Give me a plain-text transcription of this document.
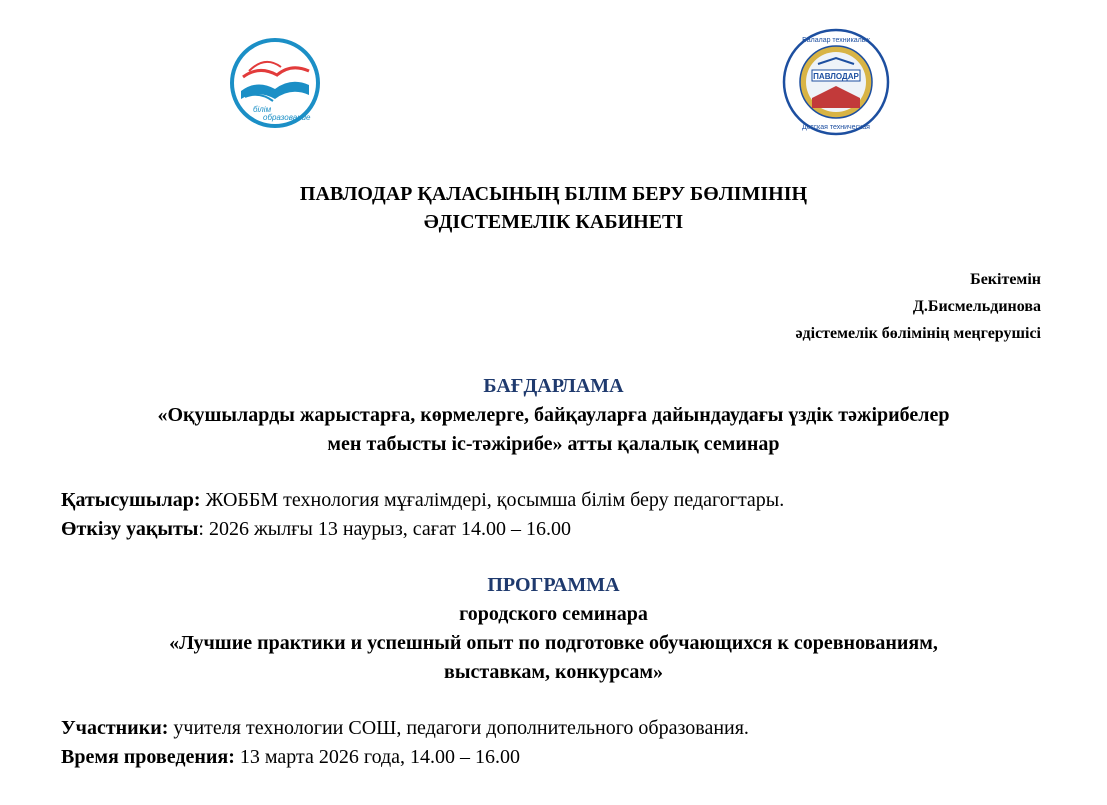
білім
образование
ПАВЛОДАР
Балалар техникалық
Детская техническая
ПАВЛОДАР ҚАЛАСЫНЫҢ БІЛІМ БЕРУ БӨЛІМІНІҢ
ӘДІСТЕМЕЛІК КАБИНЕТІ
Бекітемін
Д.Бисмельдинова
әдістемелік бөлімінің меңгерушісі
БАҒДАРЛАМА
«Оқушыларды жарыстарға, көрмелерге, байқауларға дайындаудағы үздік тәжірибелер
мен табысты іс-тәжірибе» атты қалалық семинар
Қатысушылар: ЖОББМ технология мұғалімдері, қосымша білім беру педагогтары.
Өткізу уақыты: 2026 жылғы 13 наурыз, сағат 14.00 – 16.00
ПРОГРАММА
городского семинара
«Лучшие практики и успешный опыт по подготовке обучающихся к соревнованиям,
выставкам, конкурсам»
Участники: учителя технологии СОШ, педагоги дополнительного образования.
Время проведения: 13 марта 2026 года, 14.00 – 16.00
